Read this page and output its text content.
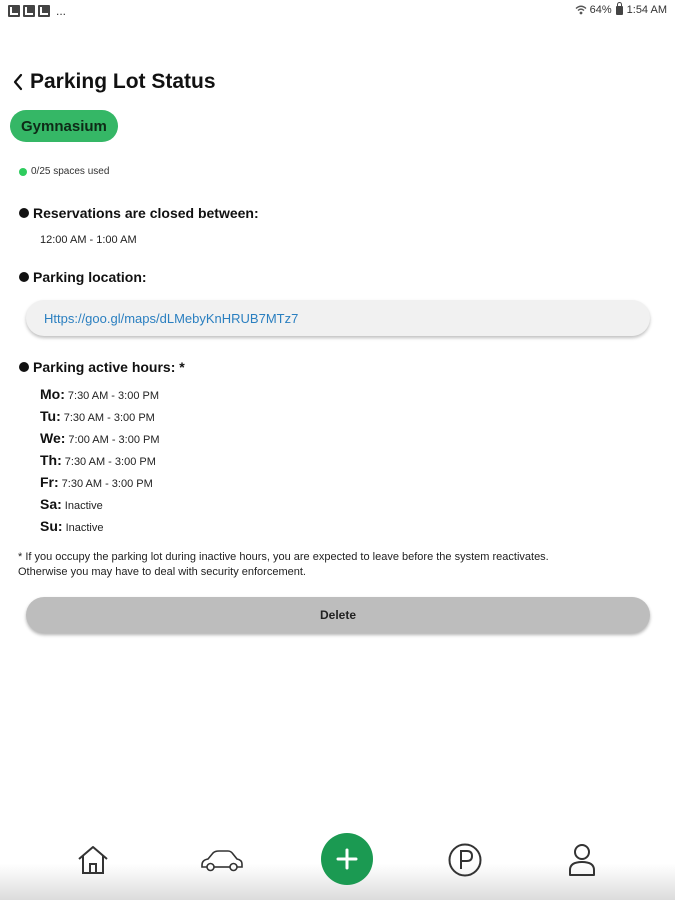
...	64% 1:54 AM
Parking Lot Status
Gymnasium
0/25 spaces used
Reservations are closed between:
12:00 AM - 1:00 AM
Parking location:
Https://goo.gl/maps/dLMebyKnHRUB7MTz7
Parking active hours: *
Mo: 7:30 AM - 3:00 PM
Tu: 7:30 AM - 3:00 PM
We: 7:00 AM - 3:00 PM
Th: 7:30 AM - 3:00 PM
Fr: 7:30 AM - 3:00 PM
Sa: Inactive
Su: Inactive
* If you occupy the parking lot during inactive hours, you are expected to leave before the system reactivates.
Otherwise you may have to deal with security enforcement.
Delete
